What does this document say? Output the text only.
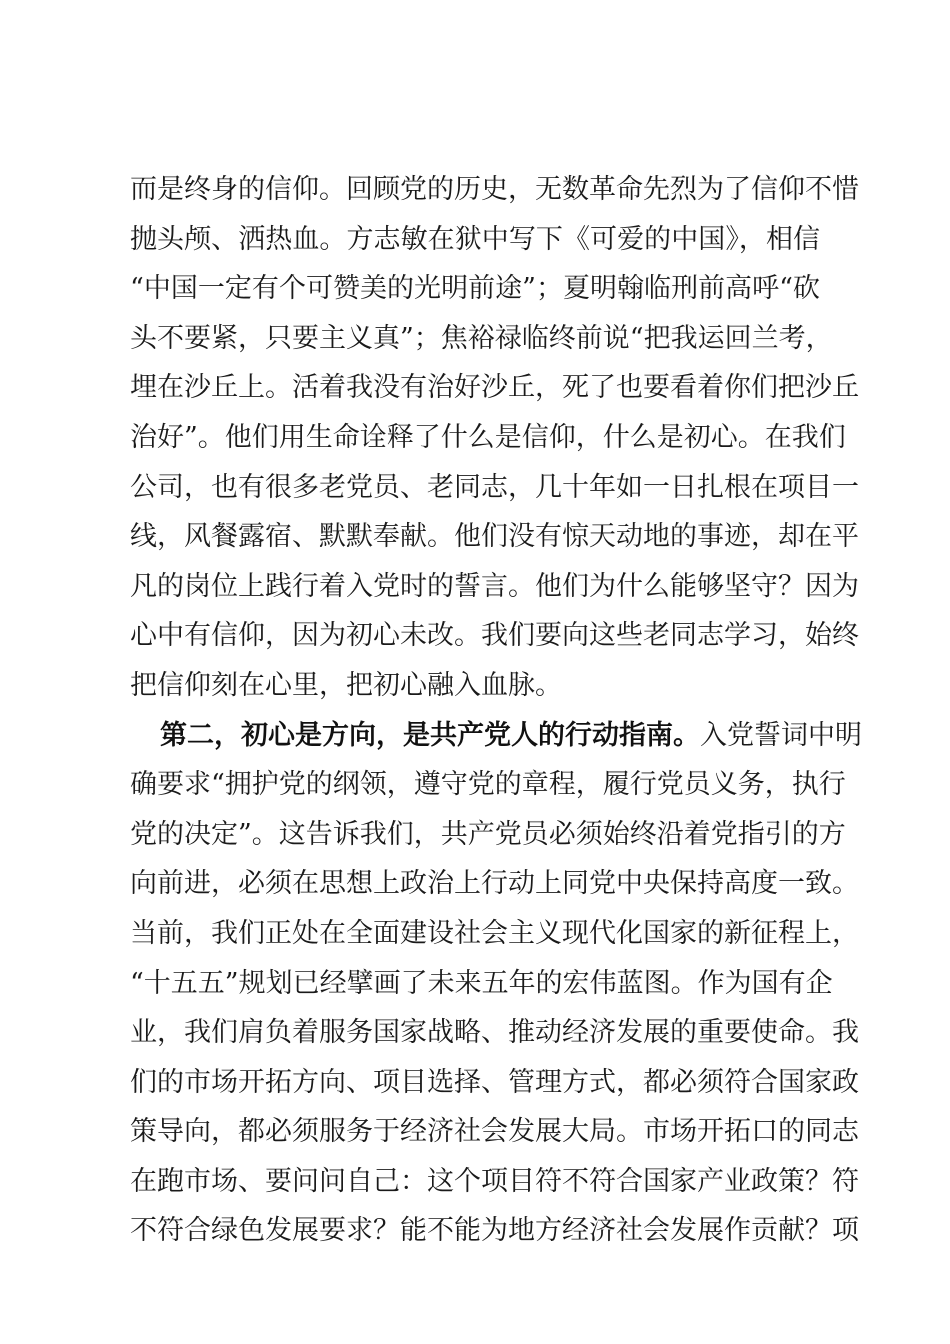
而是终身的信仰。回顾党的历史，无数革命先烈为了信仰不惜
抛头颅、洒热血。方志敏在狱中写下《可爱的中国》，相信
“中国一定有个可赞美的光明前途”；夏明翰临刑前高呼“砍
头不要紧，只要主义真”；焦裕禄临终前说“把我运回兰考，
埋在沙丘上。活着我没有治好沙丘，死了也要看着你们把沙丘
治好”。他们用生命诠释了什么是信仰，什么是初心。在我们
公司，也有很多老党员、老同志，几十年如一日扎根在项目一
线，风餐露宿、默默奉献。他们没有惊天动地的事迹，却在平
凡的岗位上践行着入党时的誓言。他们为什么能够坚守？因为
心中有信仰，因为初心未改。我们要向这些老同志学习，始终
把信仰刻在心里，把初心融入血脉。
第二，初心是方向，是共产党人的行动指南。入党誓词中明
确要求“拥护党的纲领，遵守党的章程，履行党员义务，执行
党的决定”。这告诉我们，共产党员必须始终沿着党指引的方
向前进，必须在思想上政治上行动上同党中央保持高度一致。
当前，我们正处在全面建设社会主义现代化国家的新征程上，
“十五五”规划已经擘画了未来五年的宏伟蓝图。作为国有企
业，我们肩负着服务国家战略、推动经济发展的重要使命。我
们的市场开拓方向、项目选择、管理方式，都必须符合国家政
策导向，都必须服务于经济社会发展大局。市场开拓口的同志
在跑市场、要问问自己：这个项目符不符合国家产业政策？符
不符合绿色发展要求？能不能为地方经济社会发展作贡献？项
